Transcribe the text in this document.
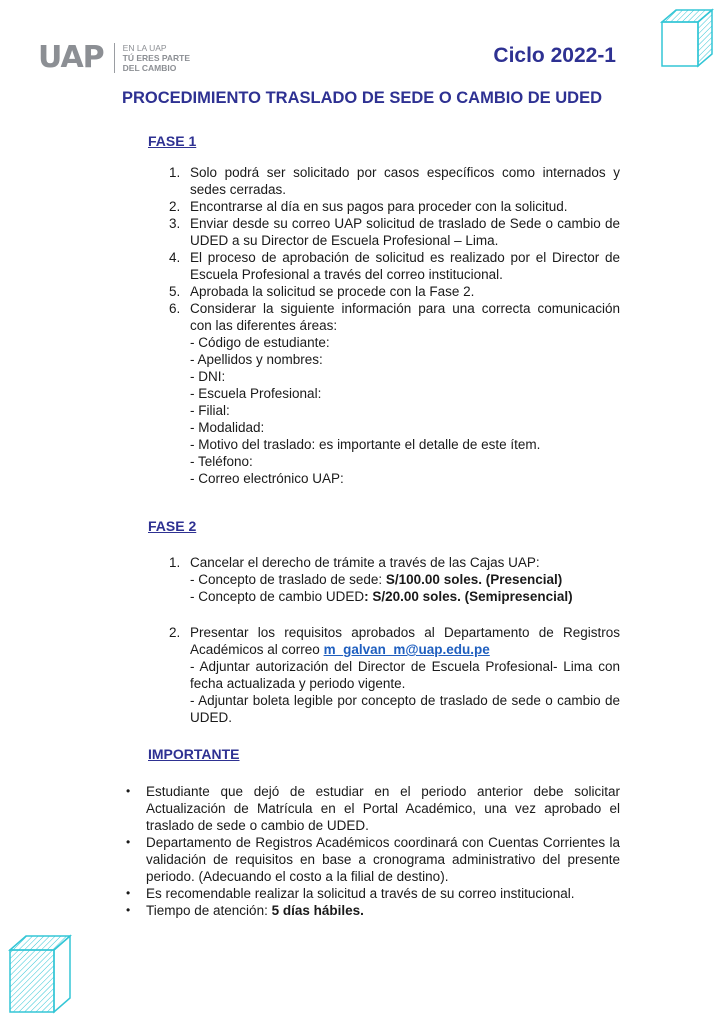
UAP EN LA UAP
TÚ ERES PARTE
DEL CAMBIO
Ciclo 2022-1
PROCEDIMIENTO TRASLADO DE SEDE O CAMBIO DE UDED
FASE 1
1. Solo podrá ser solicitado por casos específicos como internados y sedes cerradas.
2. Encontrarse al día en sus pagos para proceder con la solicitud.
3. Enviar desde su correo UAP solicitud de traslado de Sede o cambio de UDED a su Director de Escuela Profesional – Lima.
4. El proceso de aprobación de solicitud es realizado por el Director de Escuela Profesional a través del correo institucional.
5. Aprobada la solicitud se procede con la Fase 2.
6. Considerar la siguiente información para una correcta comunicación con las diferentes áreas:
- Código de estudiante:
- Apellidos y nombres:
- DNI:
- Escuela Profesional:
- Filial:
- Modalidad:
- Motivo del traslado: es importante el detalle de este ítem.
- Teléfono:
- Correo electrónico UAP:
FASE 2
1. Cancelar el derecho de trámite a través de las Cajas UAP:
- Concepto de traslado de sede: S/100.00 soles. (Presencial)
- Concepto de cambio UDED: S/20.00 soles. (Semipresencial)
2. Presentar los requisitos aprobados al Departamento de Registros Académicos al correo m_galvan_m@uap.edu.pe
- Adjuntar autorización del Director de Escuela Profesional- Lima con fecha actualizada y periodo vigente.
- Adjuntar boleta legible por concepto de traslado de sede o cambio de UDED.
IMPORTANTE
• Estudiante que dejó de estudiar en el periodo anterior debe solicitar Actualización de Matrícula en el Portal Académico, una vez aprobado el traslado de sede o cambio de UDED.
• Departamento de Registros Académicos coordinará con Cuentas Corrientes la validación de requisitos en base a cronograma administrativo del presente periodo. (Adecuando el costo a la filial de destino).
• Es recomendable realizar la solicitud a través de su correo institucional.
• Tiempo de atención: 5 días hábiles.
